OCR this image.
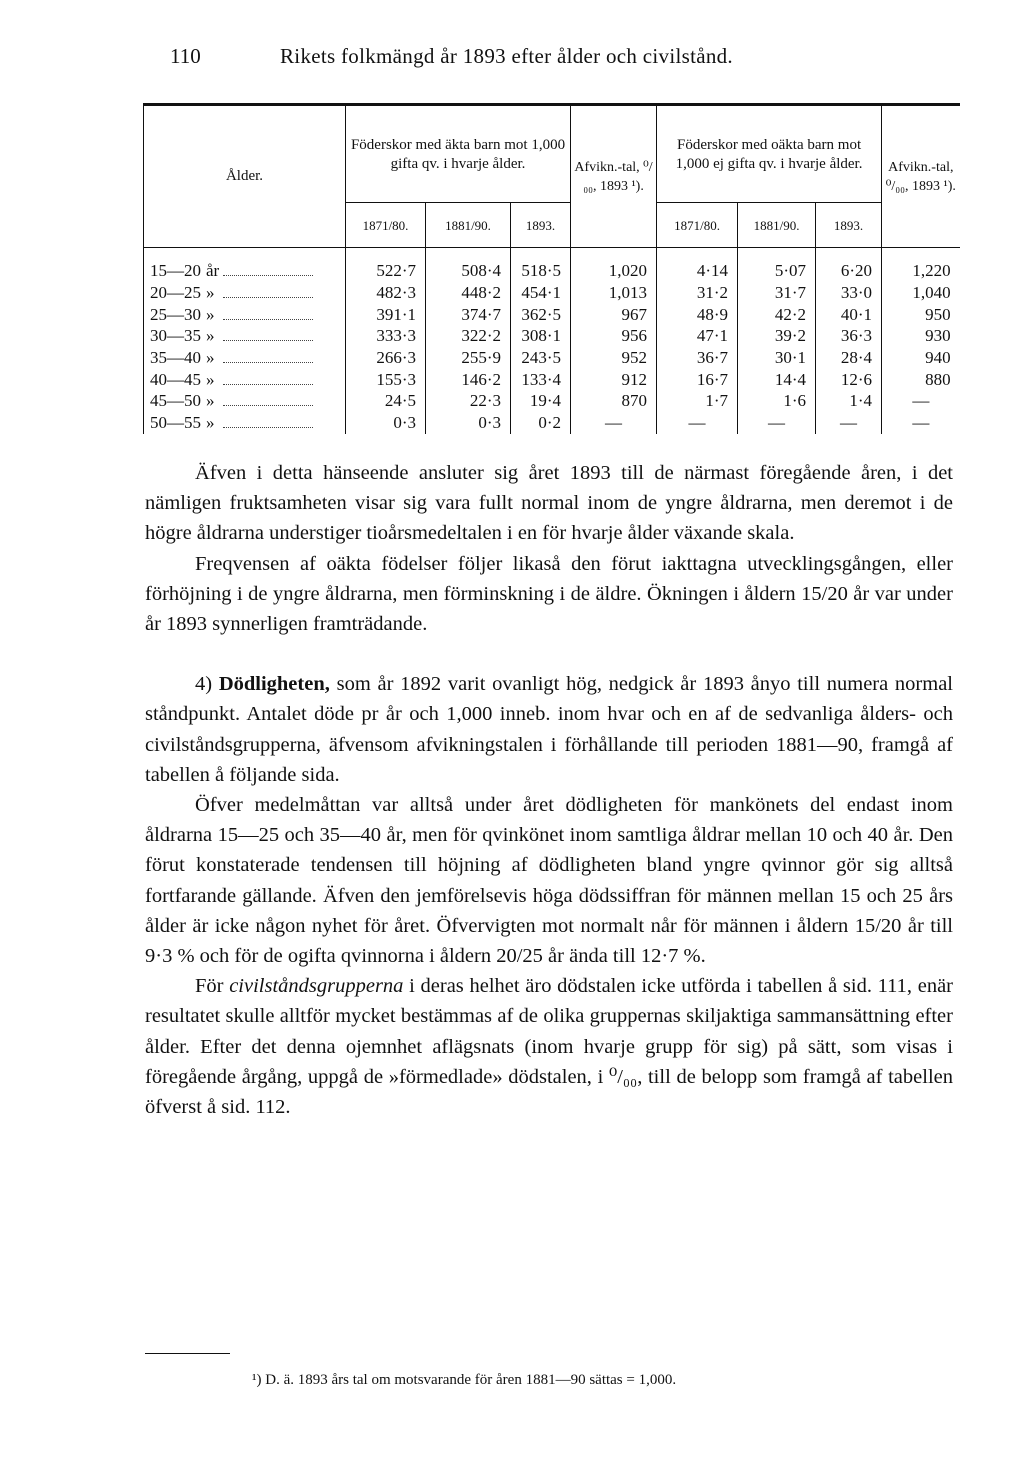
110	Rikets folkmängd år 1893 efter ålder och civilstånd.
Ålder.	Föderskor med äkta barn mot 1,000 gifta qv. i hvarje ålder.			Afvikn.-tal, ⁰/₀₀, 1893 ¹).	Föderskor med oäkta barn mot 1,000 ej gifta qv. i hvarje ålder.			Afvikn.-tal, ⁰/₀₀, 1893 ¹).
	1871/80.	1881/90.	1893.		1871/80.	1881/90.	1893.	
15—20 år	522·7	508·4	518·5	1,020	4·14	5·07	6·20	1,220
20—25 »	482·3	448·2	454·1	1,013	31·2	31·7	33·0	1,040
25—30 »	391·1	374·7	362·5	967	48·9	42·2	40·1	950
30—35 »	333·3	322·2	308·1	956	47·1	39·2	36·3	930
35—40 »	266·3	255·9	243·5	952	36·7	30·1	28·4	940
40—45 »	155·3	146·2	133·4	912	16·7	14·4	12·6	880
45—50 »	24·5	22·3	19·4	870	1·7	1·6	1·4	—
50—55 »	0·3	0·3	0·2	—	—	—	—	—

Äfven i detta hänseende ansluter sig året 1893 till de närmast föregående åren, i det nämligen fruktsamheten visar sig vara fullt normal inom de yngre åldrarna, men deremot i de högre åldrarna understiger tioårsmedeltalen i en för hvarje ålder växande skala.

Freqvensen af oäkta födelser följer likaså den förut iakttagna utvecklingsgången, eller förhöjning i de yngre åldrarna, men förminskning i de äldre. Ökningen i åldern 15/20 år var under år 1893 synnerligen framträdande.

4) Dödligheten, som år 1892 varit ovanligt hög, nedgick år 1893 ånyo till numera normal ståndpunkt. Antalet döde pr år och 1,000 inneb. inom hvar och en af de sedvanliga ålders- och civilståndsgrupperna, äfvensom afvikningstalen i förhållande till perioden 1881—90, framgå af tabellen å följande sida.

Öfver medelmåttan var alltså under året dödligheten för mankönets del endast inom åldrarna 15—25 och 35—40 år, men för qvinkönet inom samtliga åldrar mellan 10 och 40 år. Den förut konstaterade tendensen till höjning af dödligheten bland yngre qvinnor gör sig alltså fortfarande gällande. Äfven den jemförelsevis höga dödssiffran för männen mellan 15 och 25 års ålder är icke någon nyhet för året. Öfvervigten mot normalt når för männen i åldern 15/20 år till 9·3 % och för de ogifta qvinnorna i åldern 20/25 år ända till 12·7 %.

För civilståndsgrupperna i deras helhet äro dödstalen icke utförda i tabellen å sid. 111, enär resultatet skulle alltför mycket bestämmas af de olika gruppernas skiljaktiga sammansättning efter ålder. Efter det denna ojemnhet aflägsnats (inom hvarje grupp för sig) på sätt, som visas i föregående årgång, uppgå de »förmedlade» dödstalen, i ⁰/₀₀, till de belopp som framgå af tabellen öfverst å sid. 112.

¹) D. ä. 1893 års tal om motsvarande för åren 1881—90 sättas = 1,000.
